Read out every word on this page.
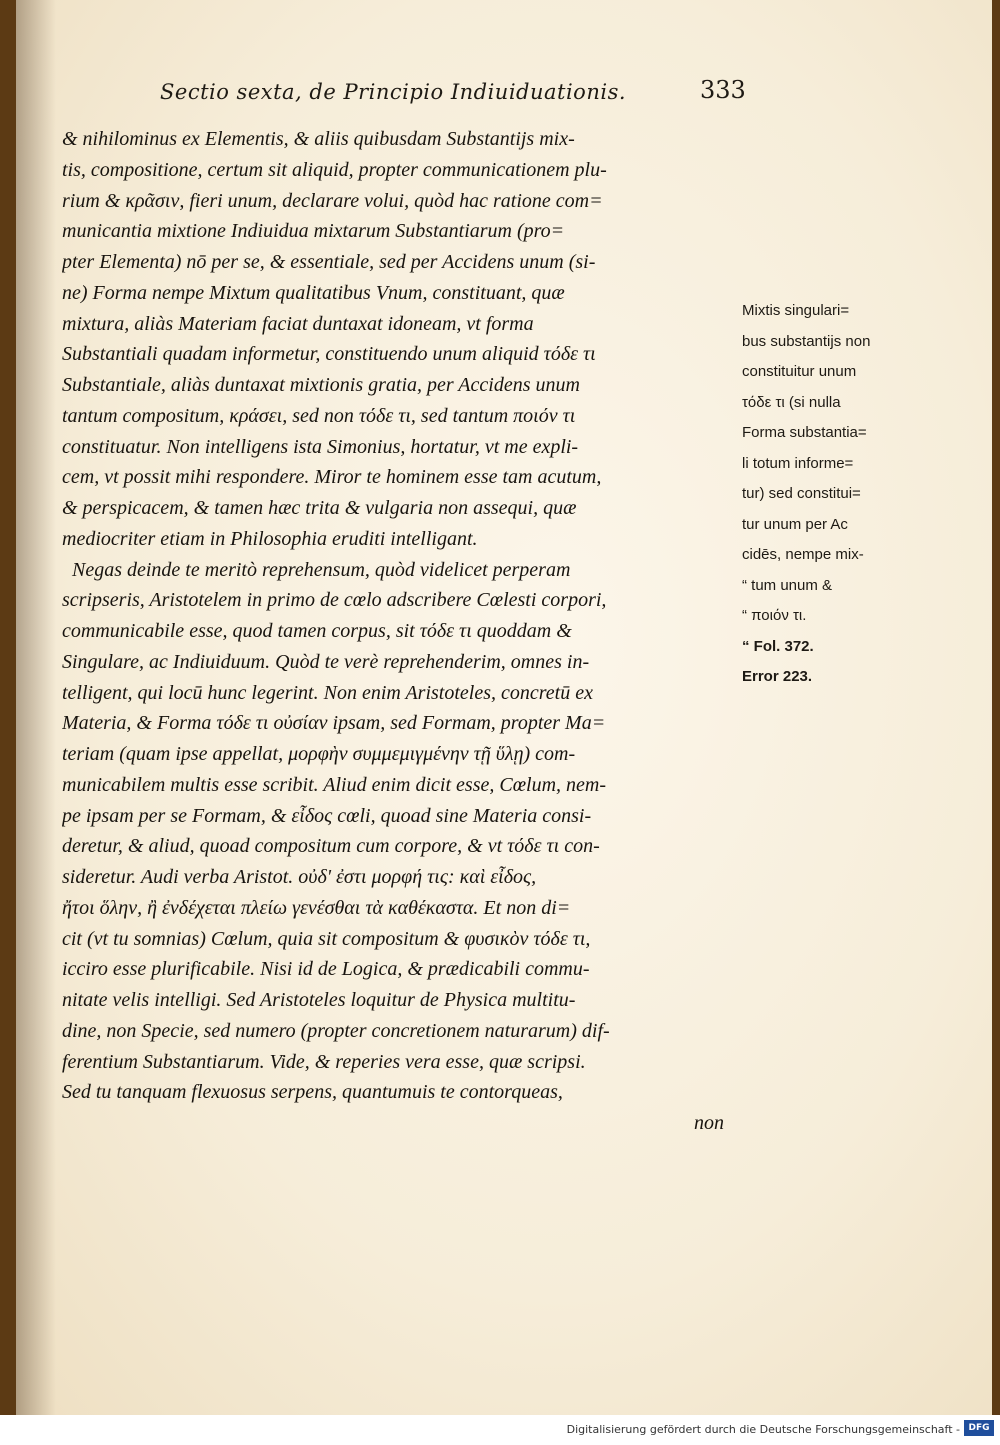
Sectio sexta, de Principio Indiuiduationis.	333
& nihilominus ex Elementis, & aliis quibusdam Substantijs mix-
tis, compositione, certum sit aliquid, propter communicationem plu-
rium & κρᾶσιν, fieri unum, declarare volui, quòd hac ratione com=
municantia mixtione Indiuidua mixtarum Substantiarum (pro=
pter Elementa) nō per se, & essentiale, sed per Accidens unum (si-
ne) Forma nempe Mixtum qualitatibus Vnum, constituant, quæ
mixtura, aliàs Materiam faciat duntaxat idoneam, vt forma
Substantiali quadam informetur, constituendo unum aliquid τόδε τι
Substantiale, aliàs duntaxat mixtionis gratia, per Accidens unum
tantum compositum, κράσει, sed non τόδε τι, sed tantum ποιόν τι
constituatur. Non intelligens ista Simonius, hortatur, vt me expli-
cem, vt possit mihi respondere. Miror te hominem esse tam acutum,
& perspicacem, & tamen hæc trita & vulgaria non assequi, quæ
mediocriter etiam in Philosophia eruditi intelligant.
Negas deinde te meritò reprehensum, quòd videlicet perperam
scripseris, Aristotelem in primo de cœlo adscribere Cœlesti corpori,
communicabile esse, quod tamen corpus, sit τόδε τι quoddam &
Singulare, ac Indiuiduum. Quòd te verè reprehenderim, omnes in-
telligent, qui locū hunc legerint. Non enim Aristoteles, concretū ex
Materia, & Forma τόδε τι οὐσίαν ipsam, sed Formam, propter Ma=
teriam (quam ipse appellat, μορφὴν συμμεμιγμένην τῇ ὕλῃ) com-
municabilem multis esse scribit. Aliud enim dicit esse, Cœlum, nem-
pe ipsam per se Formam, & εἶδος cœli, quoad sine Materia consi-
deretur, & aliud, quoad compositum cum corpore, & vt τόδε τι con-
sideretur. Audi verba Aristot. οὐδ' ἐστι μορφή τις: καὶ εἶδος,
ἤτοι ὅλην, ἢ ἐνδέχεται πλείω γενέσθαι τὰ καθέκαστα. Et non di=
cit (vt tu somnias) Cœlum, quia sit compositum & φυσικὸν τόδε τι,
icciro esse plurificabile. Nisi id de Logica, & prædicabili commu-
nitate velis intelligi. Sed Aristoteles loquitur de Physica multitu-
dine, non Specie, sed numero (propter concretionem naturarum) dif-
ferentium Substantiarum. Vide, & reperies vera esse, quæ scripsi.
Sed tu tanquam flexuosus serpens, quantumuis te contorqueas,
non
Mixtis singulari=
bus substantijs non
constituitur unum
τόδε τι (si nulla
Forma substantia=
li totum informe=
tur) sed constitui=
tur unum per Ac
cidēs, nempe mix-
“ tum unum &
“ ποιόν τι.
“ Fol. 372.
Error 223.
Digitalisierung gefördert durch die Deutsche Forschungsgemeinschaft - DFG
